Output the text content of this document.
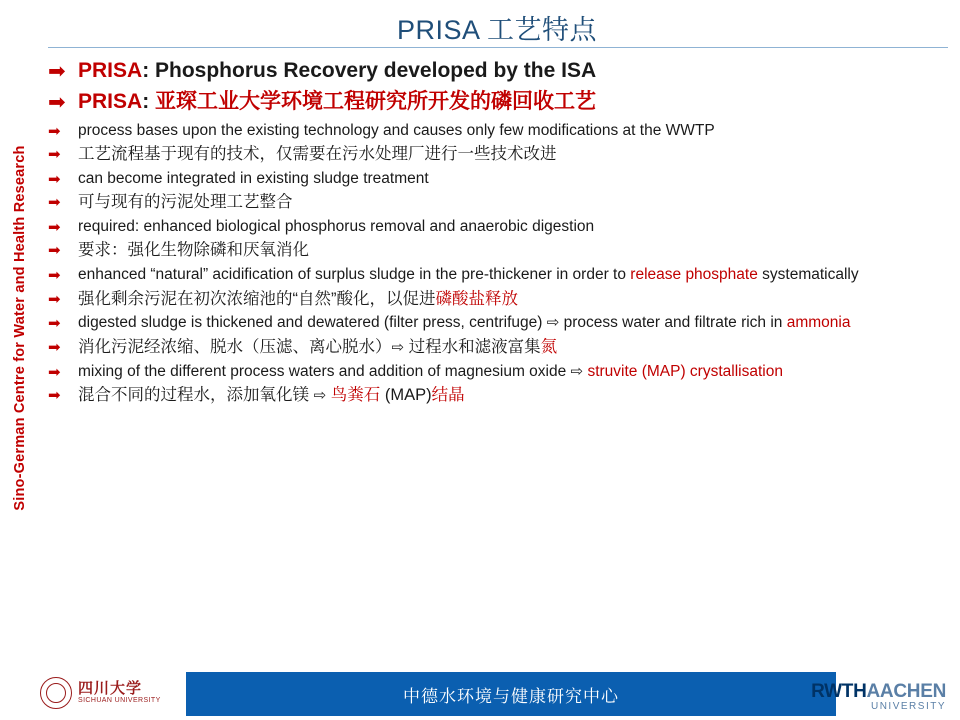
Sino-German Centre for Water and Health Research
PRISA 工艺特点
➡ PRISA: Phosphorus Recovery developed by the ISA
➡ PRISA: 亚琛工业大学环境工程研究所开发的磷回收工艺
➡	process bases upon the existing technology and causes only few modifications at the WWTP
➡	工艺流程基于现有的技术，仅需要在污水处理厂进行一些技术改进
➡	can become integrated in existing sludge treatment
➡	可与现有的污泥处理工艺整合
➡	required: enhanced biological phosphorus removal and anaerobic digestion
➡	要求：强化生物除磷和厌氧消化
➡	enhanced “natural” acidification of surplus sludge in the pre-thickener in order to release phosphate systematically
➡	强化剩余污泥在初次浓缩池的“自然”酸化，以促进磷酸盐释放
➡	digested sludge is thickened and dewatered (filter press, centrifuge) ⇨ process water and filtrate rich in ammonia
➡	消化污泥经浓缩、脱水（压滤、离心脱水）⇨ 过程水和滤液富集氮
➡	mixing of the different process waters and addition of magnesium oxide ⇨ struvite (MAP) crystallisation
➡	混合不同的过程水，添加氧化镁 ⇨ 鸟粪石 (MAP)结晶
四川大学
SICHUAN UNIVERSITY	中德水环境与健康研究中心	RWTHAACHEN
UNIVERSITY
